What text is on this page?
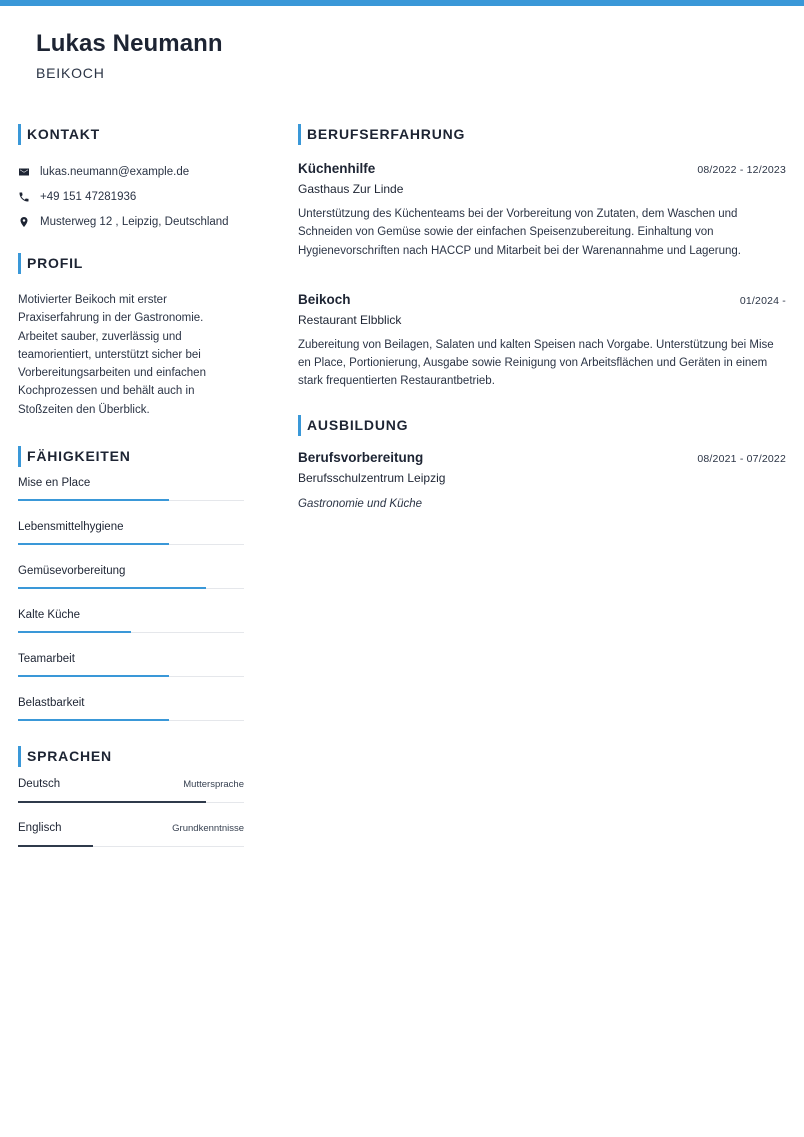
Lukas Neumann
BEIKOCH
KONTAKT
lukas.neumann@example.de
+49 151 47281936
Musterweg 12 , Leipzig, Deutschland
PROFIL
Motivierter Beikoch mit erster Praxiserfahrung in der Gastronomie. Arbeitet sauber, zuverlässig und teamorientiert, unterstützt sicher bei Vorbereitungsarbeiten und einfachen Kochprozessen und behält auch in Stoßzeiten den Überblick.
FÄHIGKEITEN
Mise en Place
Lebensmittelhygiene
Gemüsevorbereitung
Kalte Küche
Teamarbeit
Belastbarkeit
SPRACHEN
Deutsch	Muttersprache
Englisch	Grundkenntnisse
BERUFSERFAHRUNG
Küchenhilfe	08/2022 - 12/2023
Gasthaus Zur Linde
Unterstützung des Küchenteams bei der Vorbereitung von Zutaten, dem Waschen und Schneiden von Gemüse sowie der einfachen Speisenzubereitung. Einhaltung von Hygienevorschriften nach HACCP und Mitarbeit bei der Warenannahme und Lagerung.
Beikoch	01/2024 -
Restaurant Elbblick
Zubereitung von Beilagen, Salaten und kalten Speisen nach Vorgabe. Unterstützung bei Mise en Place, Portionierung, Ausgabe sowie Reinigung von Arbeitsflächen und Geräten in einem stark frequentierten Restaurantbetrieb.
AUSBILDUNG
Berufsvorbereitung	08/2021 - 07/2022
Berufsschulzentrum Leipzig
Gastronomie und Küche
